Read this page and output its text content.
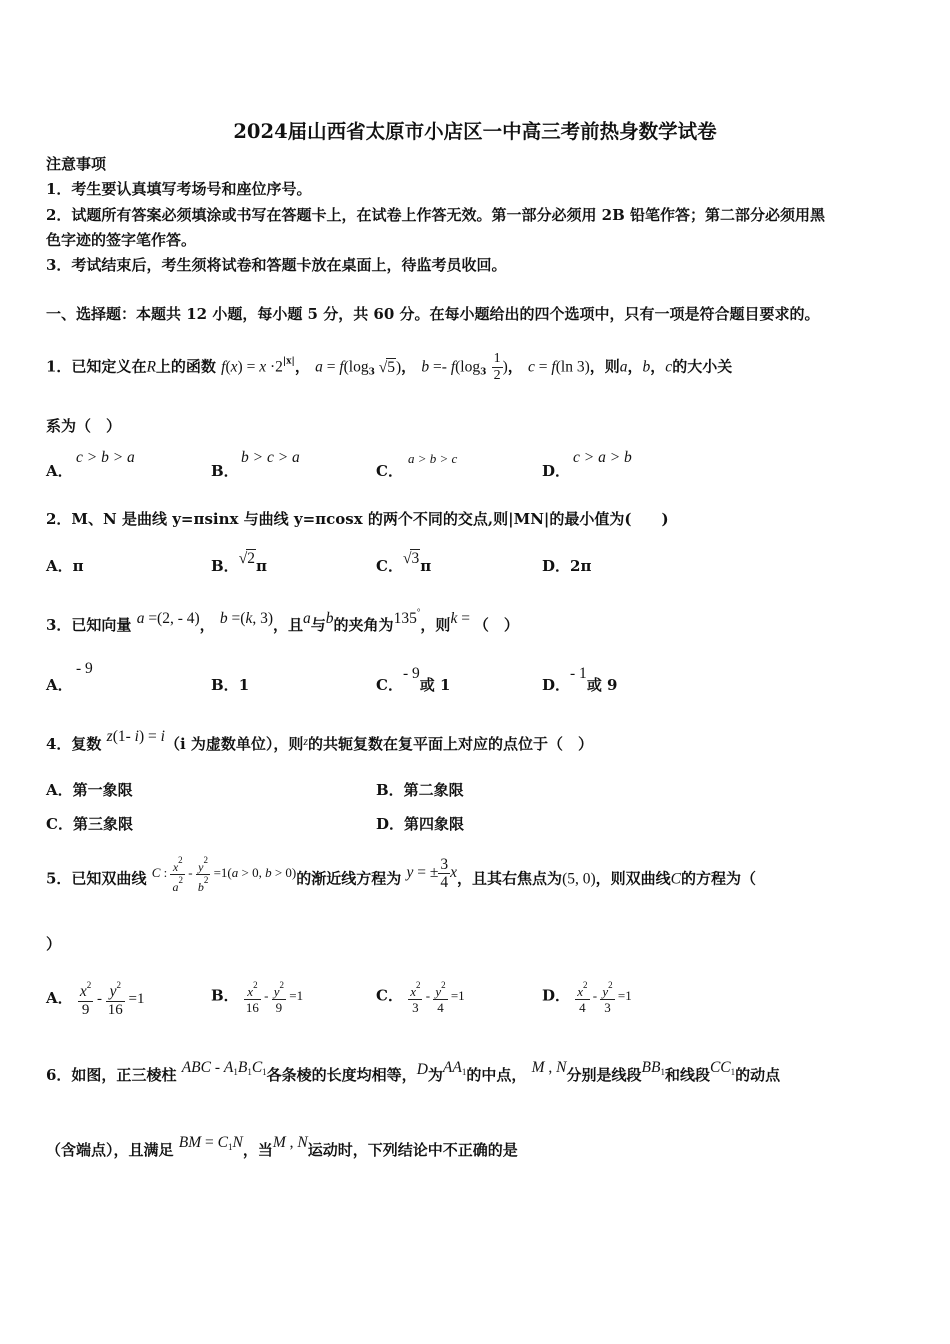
2024届山西省太原市小店区一中高三考前热身数学试卷
注意事项
1．考生要认真填写考场号和座位序号。
2．试题所有答案必须填涂或书写在答题卡上，在试卷上作答无效。第一部分必须用 2B 铅笔作答；第二部分必须用黑
色字迹的签字笔作答。
3．考试结束后，考生须将试卷和答题卡放在桌面上，待监考员收回。
一、选择题：本题共 12 小题，每小题 5 分，共 60 分。在每小题给出的四个选项中，只有一项是符合题目要求的。
1．已知定义在R上的函数 $f(x) = x \cdot 2^{|x|}$， $a = f(\log_3$ √5)， $b =- f(\log_3 \frac{1}{2}$ )， c = f(ln 3)，则a，b，c的大小关
系为（　）
A．
c > b > a
B．
b > c > a
C．
a > b > c
D．
c > a > b
2．M、N 是曲线 y=πsinx 与曲线 y=πcosx 的两个不同的交点,则|MN|的最小值为(　　)
A．π	B．√2π	C．√3π	D．2π
3．已知向量 a =(2, - 4)， b =(k, 3)，且a与b的夹角为135°，则k = （　）
A．
- 9
B．1	C．- 9或 1	D．- 1或 9
4．复数 z(1- i) = i（i 为虚数单位），则$^z$的共轭复数在复平面上对应的点位于（　）
A．第一象限	B．第二象限
C．第三象限	D．第四象限
5．已知双曲线 C : $\frac{x^2}{a^2} - \frac{y^2}{b^2} =1(a > 0$, b > 0)的渐近线方程为 y = ± $\frac{3}{4}$ x，且其右焦点为(5, 0)，则双曲线C的方程为（
）
A． $\frac{x^2}{9} - \frac{y^2}{16} =1$	B． $\frac{x^2}{16} - \frac{y^2}{9} =1$	C． $\frac{x^2}{3} - \frac{y^2}{4} =1$	D． $\frac{x^2}{4} - \frac{y^2}{3} =1$
6．如图，正三棱柱 ABC - $A_1B_1C_1$各条棱的长度均相等，D为$AA_1$的中点， M , N分别是线段$BB_1$和线段$CC_1$的动点
（含端点），且满足 BM = $C_1N$，当M , N运动时，下列结论中不正确的是
